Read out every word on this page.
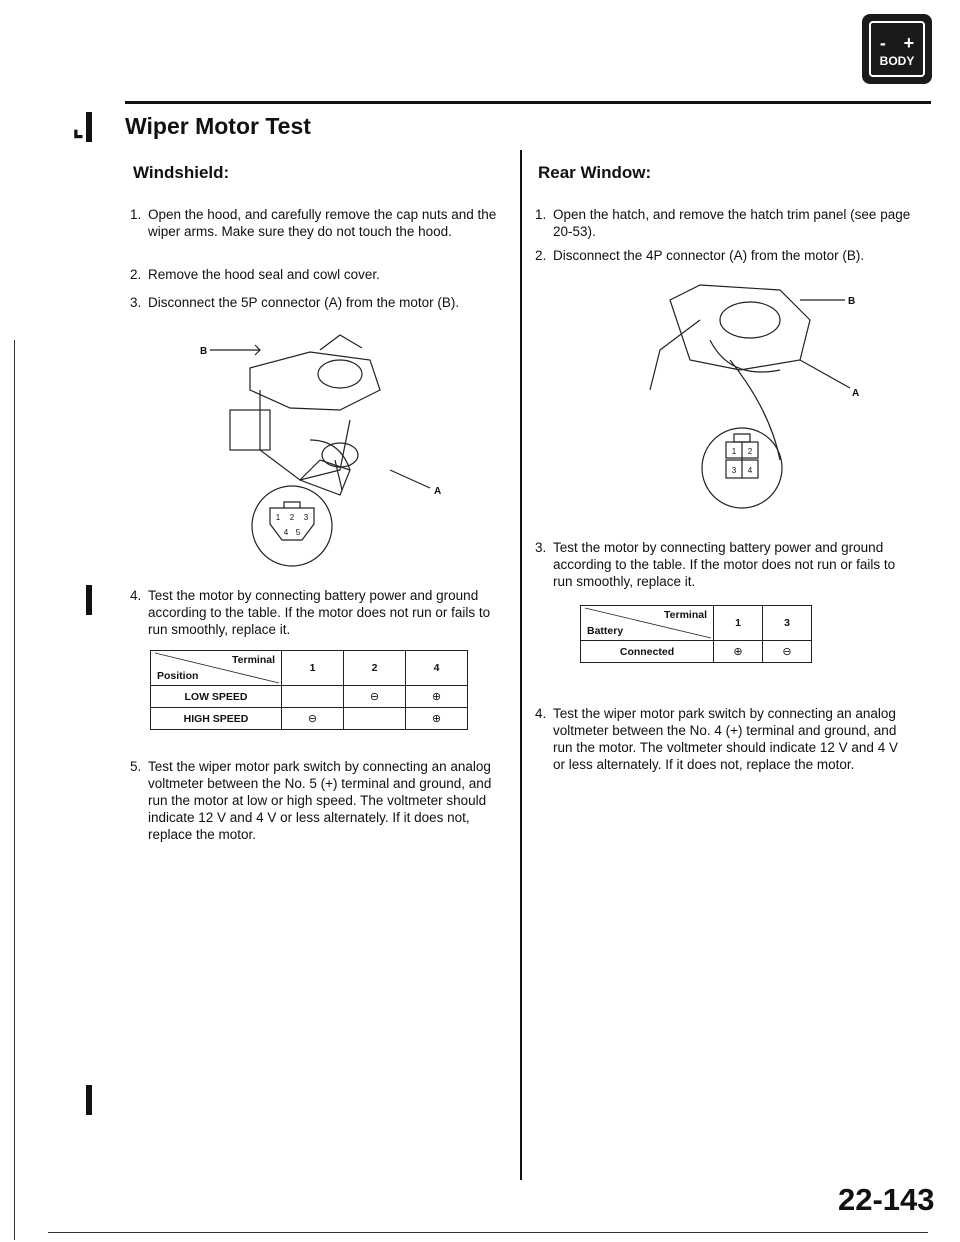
- +
BODY
⌞ Wiper Motor Test
Windshield:
1. Open the hood, and carefully remove the cap nuts and the wiper arms. Make sure they do not touch the hood.
2. Remove the hood seal and cowl cover.
3. Disconnect the 5P connector (A) from the motor (B).
1 2 3
4 5
B
A
4. Test the motor by connecting battery power and ground according to the table. If the motor does not run or fails to run smoothly, replace it.
Terminal
Position	1	2	4
LOW SPEED		⊖	⊕
HIGH SPEED	⊖		⊕
5. Test the wiper motor park switch by connecting an analog voltmeter between the No. 5 (+) terminal and ground, and run the motor at low or high speed. The voltmeter should indicate 12 V and 4 V or less alternately. If it does not, replace the motor.
Rear Window:
1. Open the hatch, and remove the hatch trim panel (see page 20-53).
2. Disconnect the 4P connector (A) from the motor (B).
1 2
3 4
B
A
3. Test the motor by connecting battery power and ground according to the table. If the motor does not run or fails to run smoothly, replace it.
Terminal
Battery	1	3
Connected	⊕	⊖
4. Test the wiper motor park switch by connecting an analog voltmeter between the No. 4 (+) terminal and ground, and run the motor. The voltmeter should indicate 12 V and 4 V or less alternately. If it does not, replace the motor.
22-143
